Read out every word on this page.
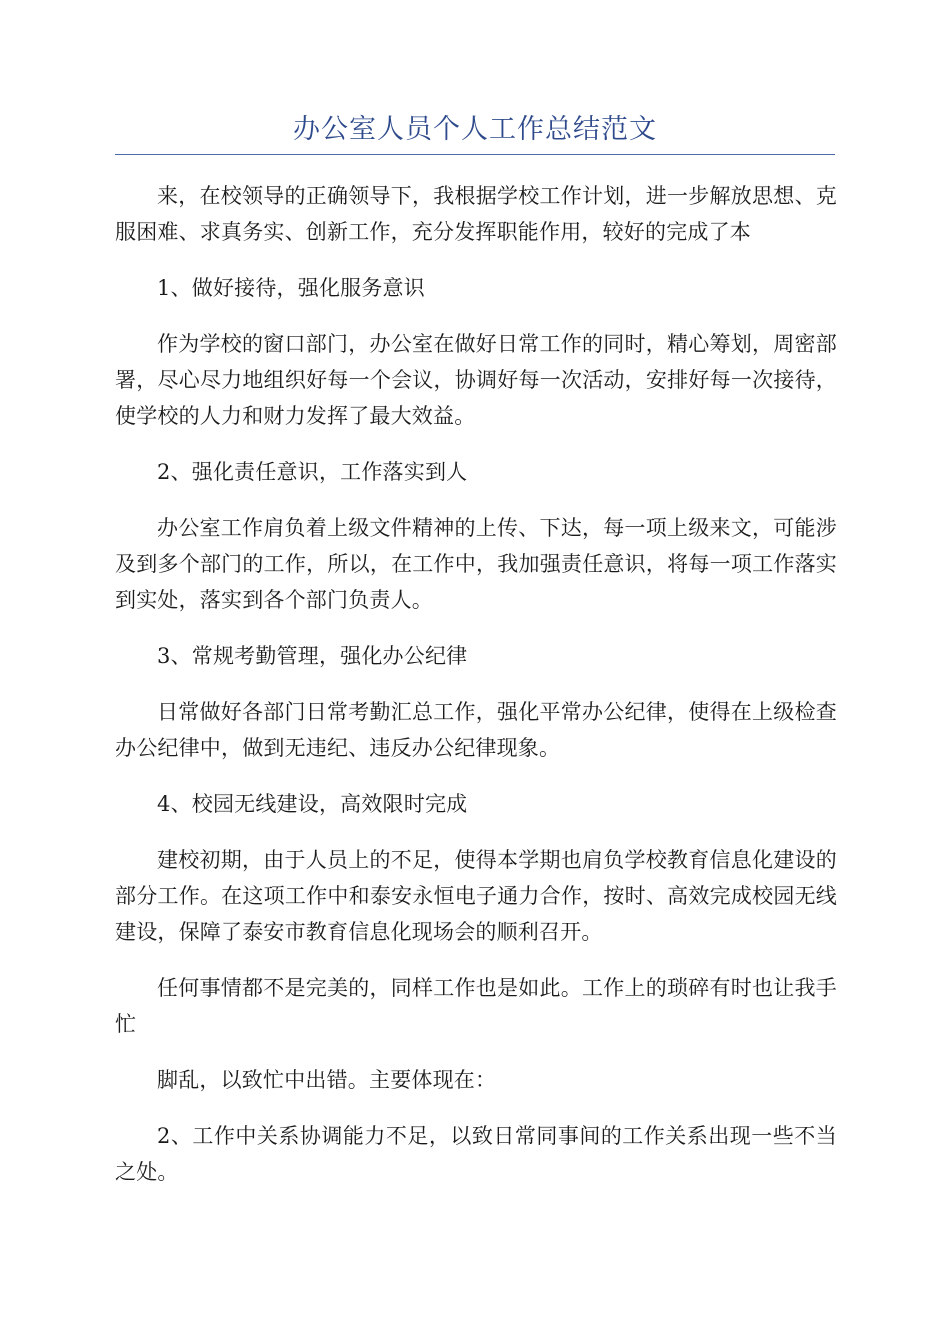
办公室人员个人工作总结范文

来，在校领导的正确领导下，我根据学校工作计划，进一步解放思想、克服困难、求真务实、创新工作，充分发挥职能作用，较好的完成了本

1、做好接待，强化服务意识

作为学校的窗口部门，办公室在做好日常工作的同时，精心筹划，周密部署，尽心尽力地组织好每一个会议，协调好每一次活动，安排好每一次接待，使学校的人力和财力发挥了最大效益。

2、强化责任意识，工作落实到人

办公室工作肩负着上级文件精神的上传、下达，每一项上级来文，可能涉及到多个部门的工作，所以，在工作中，我加强责任意识，将每一项工作落实到实处，落实到各个部门负责人。

3、常规考勤管理，强化办公纪律

日常做好各部门日常考勤汇总工作，强化平常办公纪律，使得在上级检查办公纪律中，做到无违纪、违反办公纪律现象。

4、校园无线建设，高效限时完成

建校初期，由于人员上的不足，使得本学期也肩负学校教育信息化建设的部分工作。在这项工作中和泰安永恒电子通力合作，按时、高效完成校园无线建设，保障了泰安市教育信息化现场会的顺利召开。

任何事情都不是完美的，同样工作也是如此。工作上的琐碎有时也让我手忙

脚乱，以致忙中出错。主要体现在：

2、工作中关系协调能力不足，以致日常同事间的工作关系出现一些不当之处。
